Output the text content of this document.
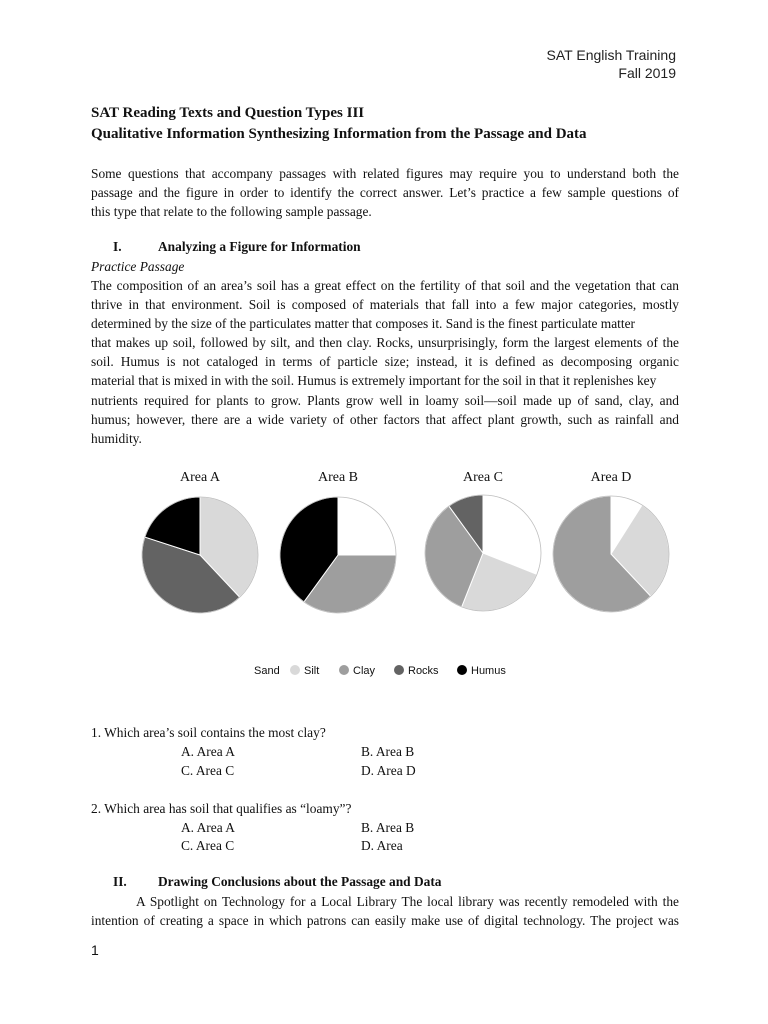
SAT English Training
Fall 2019
SAT Reading Texts and Question Types III
Qualitative Information Synthesizing Information from the Passage and Data
Some questions that accompany passages with related figures may require you to understand both the
passage and the figure in order to identify the correct answer. Let’s practice a few sample questions of
this type that relate to the following sample passage.
I.	Analyzing a Figure for Information
Practice Passage
The composition of an area’s soil has a great effect on the fertility of that soil and the vegetation that can
thrive in that environment. Soil is composed of materials that fall into a few major categories, mostly
determined by the size of the particulates matter that composes it. Sand is the finest particulate matter
that makes up soil, followed by silt, and then clay. Rocks, unsurprisingly, form the largest elements of the
soil. Humus is not cataloged in terms of particle size; instead, it is defined as decomposing organic
material that is mixed in with the soil. Humus is extremely important for the soil in that it replenishes key
nutrients required for plants to grow. Plants grow well in loamy soil—soil made up of sand, clay, and
humus; however, there are a wide variety of other factors that affect plant growth, such as rainfall and
humidity.
Area A	Area B	Area C	Area D
Sand Silt	Clay	Rocks	Humus
1. Which area’s soil contains the most clay?
A. Area A	B. Area B
C. Area C	D. Area D
2. Which area has soil that qualifies as “loamy”?
A. Area A	B. Area B
C. Area C	D. Area
II. Drawing Conclusions about the Passage and Data
A Spotlight on Technology for a Local Library The local library was recently remodeled with the
intention of creating a space in which patrons can easily make use of digital technology. The project was
1
